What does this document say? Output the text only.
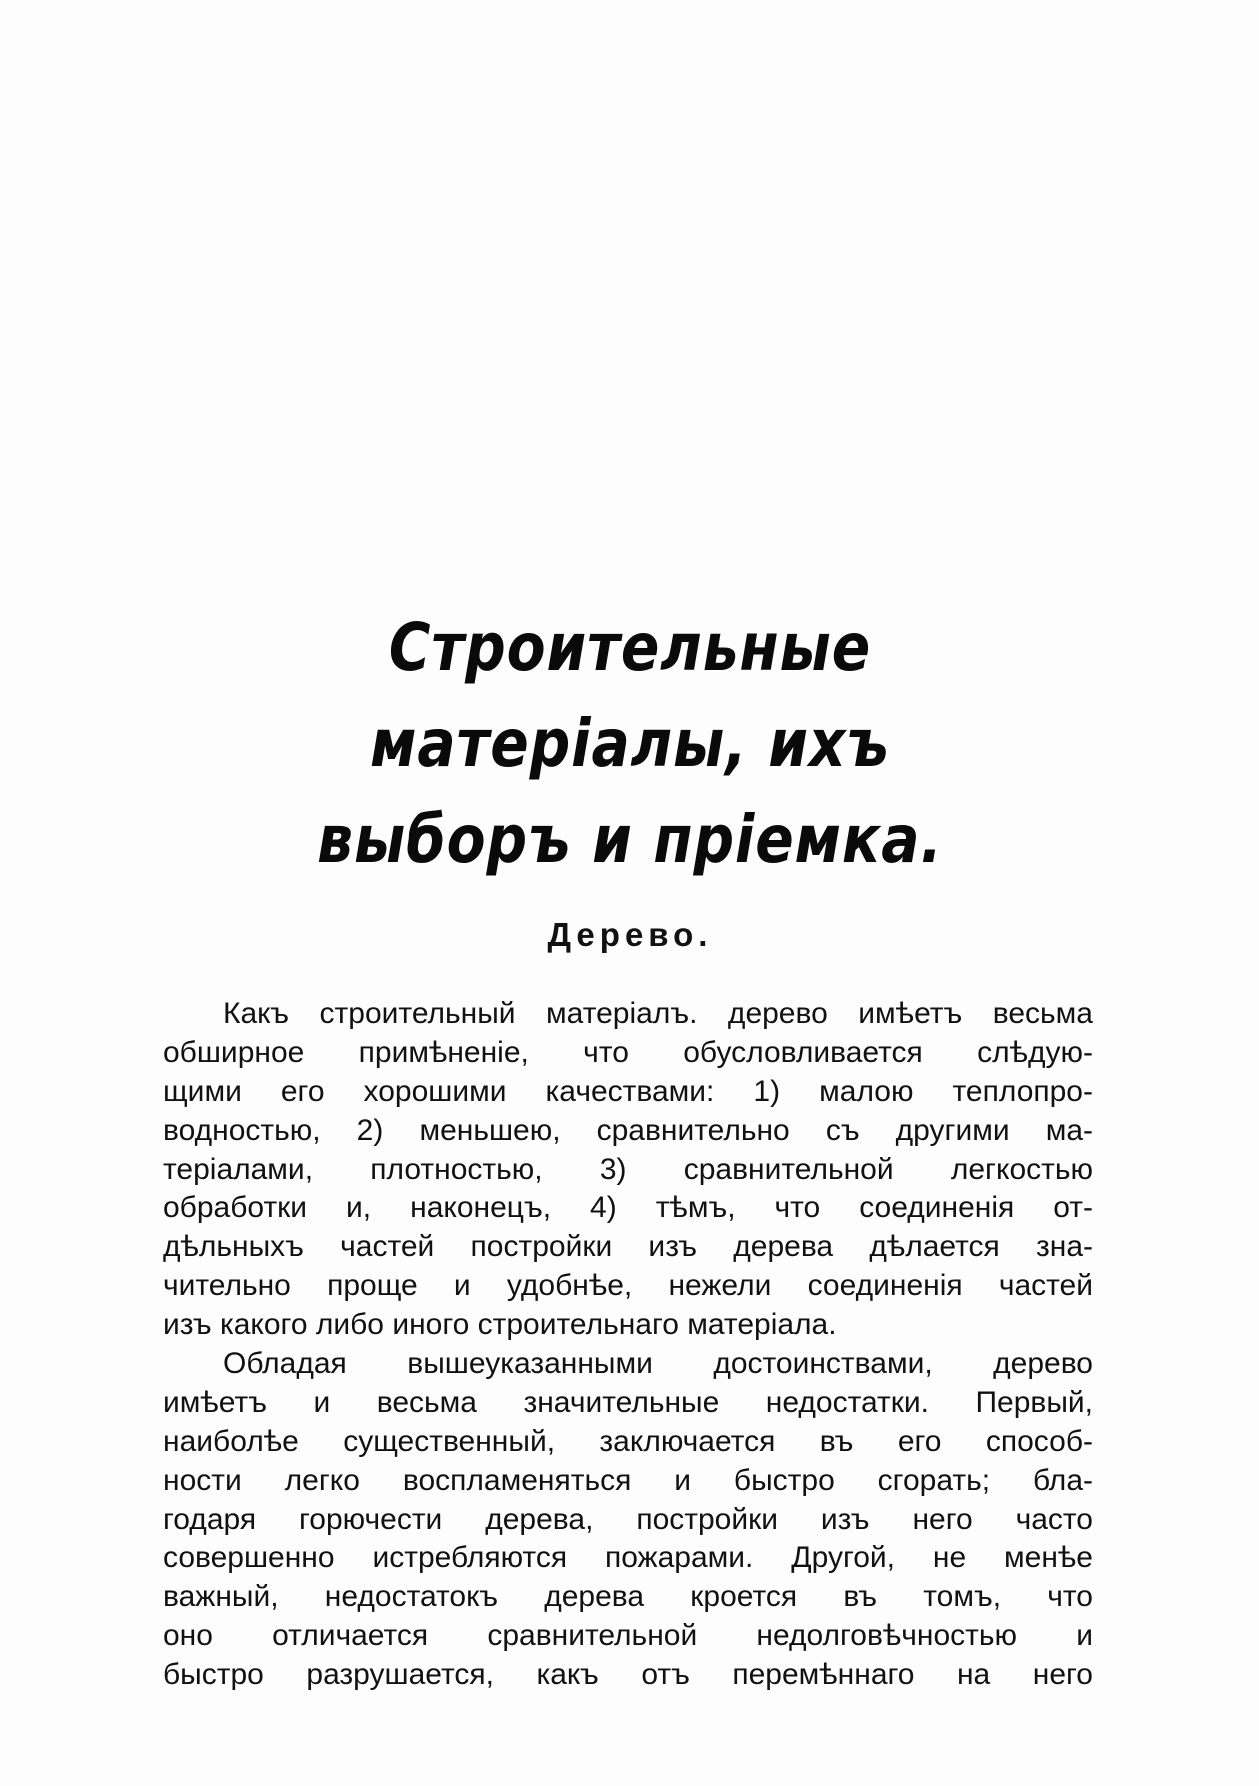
Строительные матеріалы, ихъ
выборъ и пріемка.
Дерево.
Какъ строительный матеріалъ. дерево имѣетъ весьма
обширное примѣненіе, что обусловливается слѣдую-
щими его хорошими качествами: 1) малою теплопро-
водностью, 2) меньшею, сравнительно съ другими ма-
теріалами, плотностью, 3) сравнительной легкостью
обработки и, наконецъ, 4) тѣмъ, что соединенія от-
дѣльныхъ частей постройки изъ дерева дѣлается зна-
чительно проще и удобнѣе, нежели соединенія частей
изъ какого либо иного строительнаго матеріала.
Обладая вышеуказанными достоинствами, дерево
имѣетъ и весьма значительные недостатки. Первый,
наиболѣе существенный, заключается въ его способ-
ности легко воспламеняться и быстро сгорать; бла-
годаря горючести дерева, постройки изъ него часто
совершенно истребляются пожарами. Другой, не менѣе
важный, недостатокъ дерева кроется въ томъ, что
оно отличается сравнительной недолговѣчностью и
быстро разрушается, какъ отъ перемѣннаго на него
